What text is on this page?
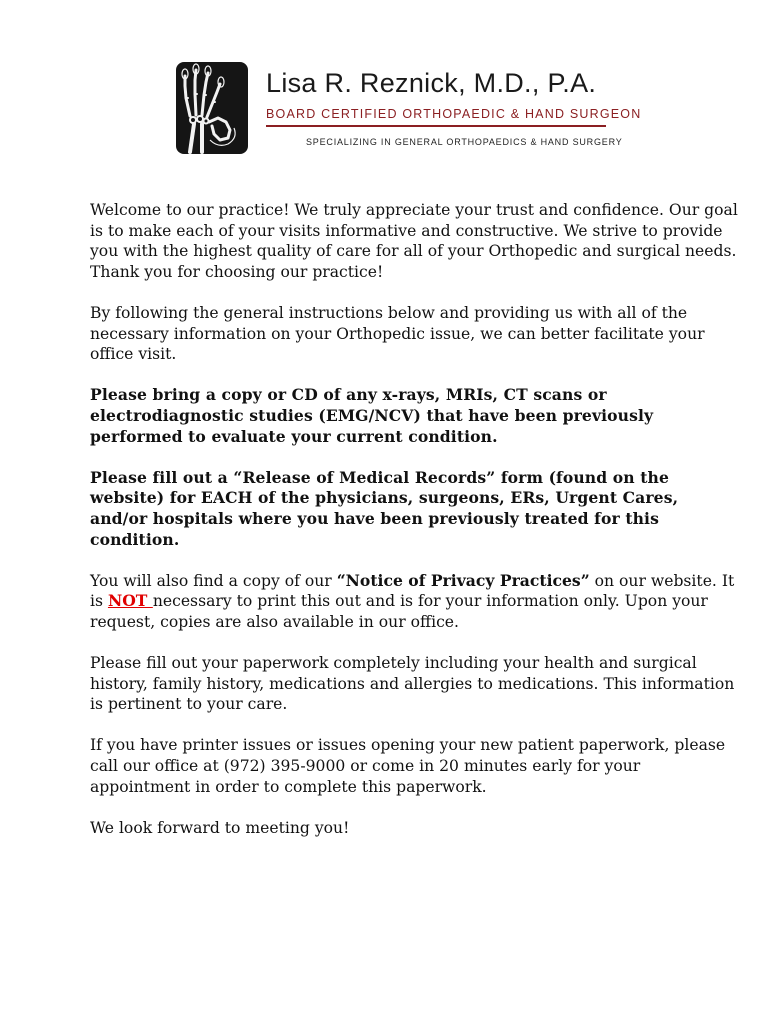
Lisa R. Reznick, M.D., P.A.
BOARD CERTIFIED ORTHOPAEDIC & HAND SURGEON
SPECIALIZING IN GENERAL ORTHOPAEDICS & HAND SURGERY

Welcome to our practice! We truly appreciate your trust and confidence. Our goal is to make each of your visits informative and constructive. We strive to provide you with the highest quality of care for all of your Orthopedic and surgical needs. Thank you for choosing our practice!

By following the general instructions below and providing us with all of the necessary information on your Orthopedic issue, we can better facilitate your office visit.

Please bring a copy or CD of any x-rays, MRIs, CT scans or electrodiagnostic studies (EMG/NCV) that have been previously performed to evaluate your current condition.

Please fill out a “Release of Medical Records” form (found on the website) for EACH of the physicians, surgeons, ERs, Urgent Cares, and/or hospitals where you have been previously treated for this condition.

You will also find a copy of our “Notice of Privacy Practices” on our website. It is NOT necessary to print this out and is for your information only. Upon your request, copies are also available in our office.

Please fill out your paperwork completely including your health and surgical history, family history, medications and allergies to medications. This information is pertinent to your care.

If you have printer issues or issues opening your new patient paperwork, please call our office at (972) 395-9000 or come in 20 minutes early for your appointment in order to complete this paperwork.

We look forward to meeting you!
